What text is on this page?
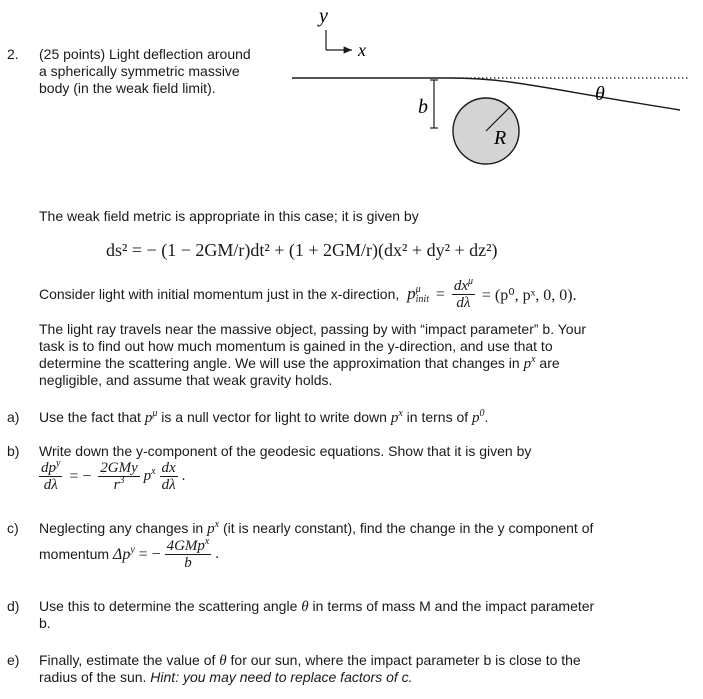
2. (25 points) Light deflection around
a spherically symmetric massive
body (in the weak field limit).
y
x
b
R
θ
The weak field metric is appropriate in this case; it is given by
ds² = − (1 − 2GM/r)dt² + (1 + 2GM/r)(dx² + dy² + dz²)
Consider light with initial momentum just in the x-direction, p μ
init = $\frac{dx^\mu}{d\lambda} = (p^0$, pˣ, 0, 0).
The light ray travels near the massive object, passing by with “impact parameter” b. Your
task is to find out how much momentum is gained in the y-direction, and use that to
determine the scattering angle. We will use the approximation that changes in $p^x$ are
negligible, and assume that weak gravity holds.
a) Use the fact that $p^\mu$ is a null vector for light to write down $p^x$ in terns of $p^0$.
b) Write down the y-component of the geodesic equations. Show that it is given by
$\frac{dp^y}{d\lambda}$ = − $\frac{\text{2GMy}}{r^3} p^x \frac{dx}{d\lambda}$ .
c) Neglecting any changes in $p^x$ (it is nearly constant), find the change in the y component of
momentum $\Delta p^y$ = − $\frac{4GMp^x}{b}$ .
d) Use this to determine the scattering angle θ in terms of mass M and the impact parameter
b.
e) Finally, estimate the value of θ for our sun, where the impact parameter b is close to the
radius of the sun. Hint: you may need to replace factors of c.
